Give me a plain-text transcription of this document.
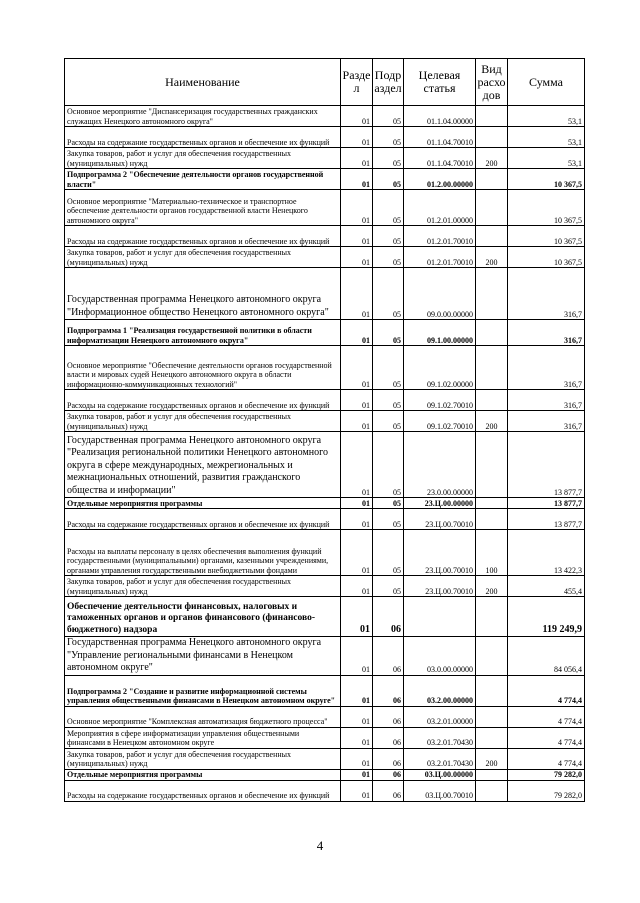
Наименование	Разде л	Подр аздел	Целевая статья	Вид расхо дов	Сумма
Основное мероприятие "Диспансеризация государственных гражданских служащих Ненецкого автономного округа"	01	05	01.1.04.00000		53,1
Расходы на содержание государственных органов и обеспечение их функций	01	05	01.1.04.70010		53,1
Закупка товаров, работ и услуг для обеспечения государственных (муниципальных) нужд	01	05	01.1.04.70010	200	53,1
Подпрограмма 2 "Обеспечение деятельности органов государственной власти"	01	05	01.2.00.00000		10 367,5
Основное мероприятие "Материально-техническое и транспортное обеспечение деятельности органов государственной власти Ненецкого автономного округа"	01	05	01.2.01.00000		10 367,5
Расходы на содержание государственных органов и обеспечение их функций	01	05	01.2.01.70010		10 367,5
Закупка товаров, работ и услуг для обеспечения государственных (муниципальных) нужд	01	05	01.2.01.70010	200	10 367,5
Государственная программа Ненецкого автономного округа "Информационное общество Ненецкого автономного округа"	01	05	09.0.00.00000		316,7
Подпрограмма 1 "Реализация государственной политики в области информатизации Ненецкого автономного округа"	01	05	09.1.00.00000		316,7
Основное мероприятие "Обеспечение деятельности органов государственной власти и мировых судей Ненецкого автономного округа в области информационно-коммуникационных технологий"	01	05	09.1.02.00000		316,7
Расходы на содержание государственных органов и обеспечение их функций	01	05	09.1.02.70010		316,7
Закупка товаров, работ и услуг для обеспечения государственных (муниципальных) нужд	01	05	09.1.02.70010	200	316,7
Государственная программа Ненецкого автономного округа "Реализация региональной политики Ненецкого автономного округа в сфере международных, межрегиональных и межнациональных отношений, развития гражданского общества и информации"	01	05	23.0.00.00000		13 877,7
Отдельные мероприятия программы	01	05	23.Ц.00.00000		13 877,7
Расходы на содержание государственных органов и обеспечение их функций	01	05	23.Ц.00.70010		13 877,7
Расходы на выплаты персоналу в целях обеспечения выполнения функций государственными (муниципальными) органами, казенными учреждениями, органами управления государственными внебюджетными фондами	01	05	23.Ц.00.70010	100	13 422,3
Закупка товаров, работ и услуг для обеспечения государственных (муниципальных) нужд	01	05	23.Ц.00.70010	200	455,4
Обеспечение деятельности финансовых, налоговых и таможенных органов и органов финансового (финансово-бюджетного) надзора	01	06			119 249,9
Государственная программа Ненецкого автономного округа "Управление региональными финансами в Ненецком автономном округе"	01	06	03.0.00.00000		84 056,4
Подпрограмма 2 "Создание и развитие информационной системы управления общественными финансами в Ненецком автономном округе"	01	06	03.2.00.00000		4 774,4
Основное мероприятие "Комплексная автоматизация бюджетного процесса"	01	06	03.2.01.00000		4 774,4
Мероприятия в сфере информатизации управления общественными финансами в Ненецком автономном округе	01	06	03.2.01.70430		4 774,4
Закупка товаров, работ и услуг для обеспечения государственных (муниципальных) нужд	01	06	03.2.01.70430	200	4 774,4
Отдельные мероприятия программы	01	06	03.Ц.00.00000		79 282,0
Расходы на содержание государственных органов и обеспечение их функций	01	06	03.Ц.00.70010		79 282,0
4
